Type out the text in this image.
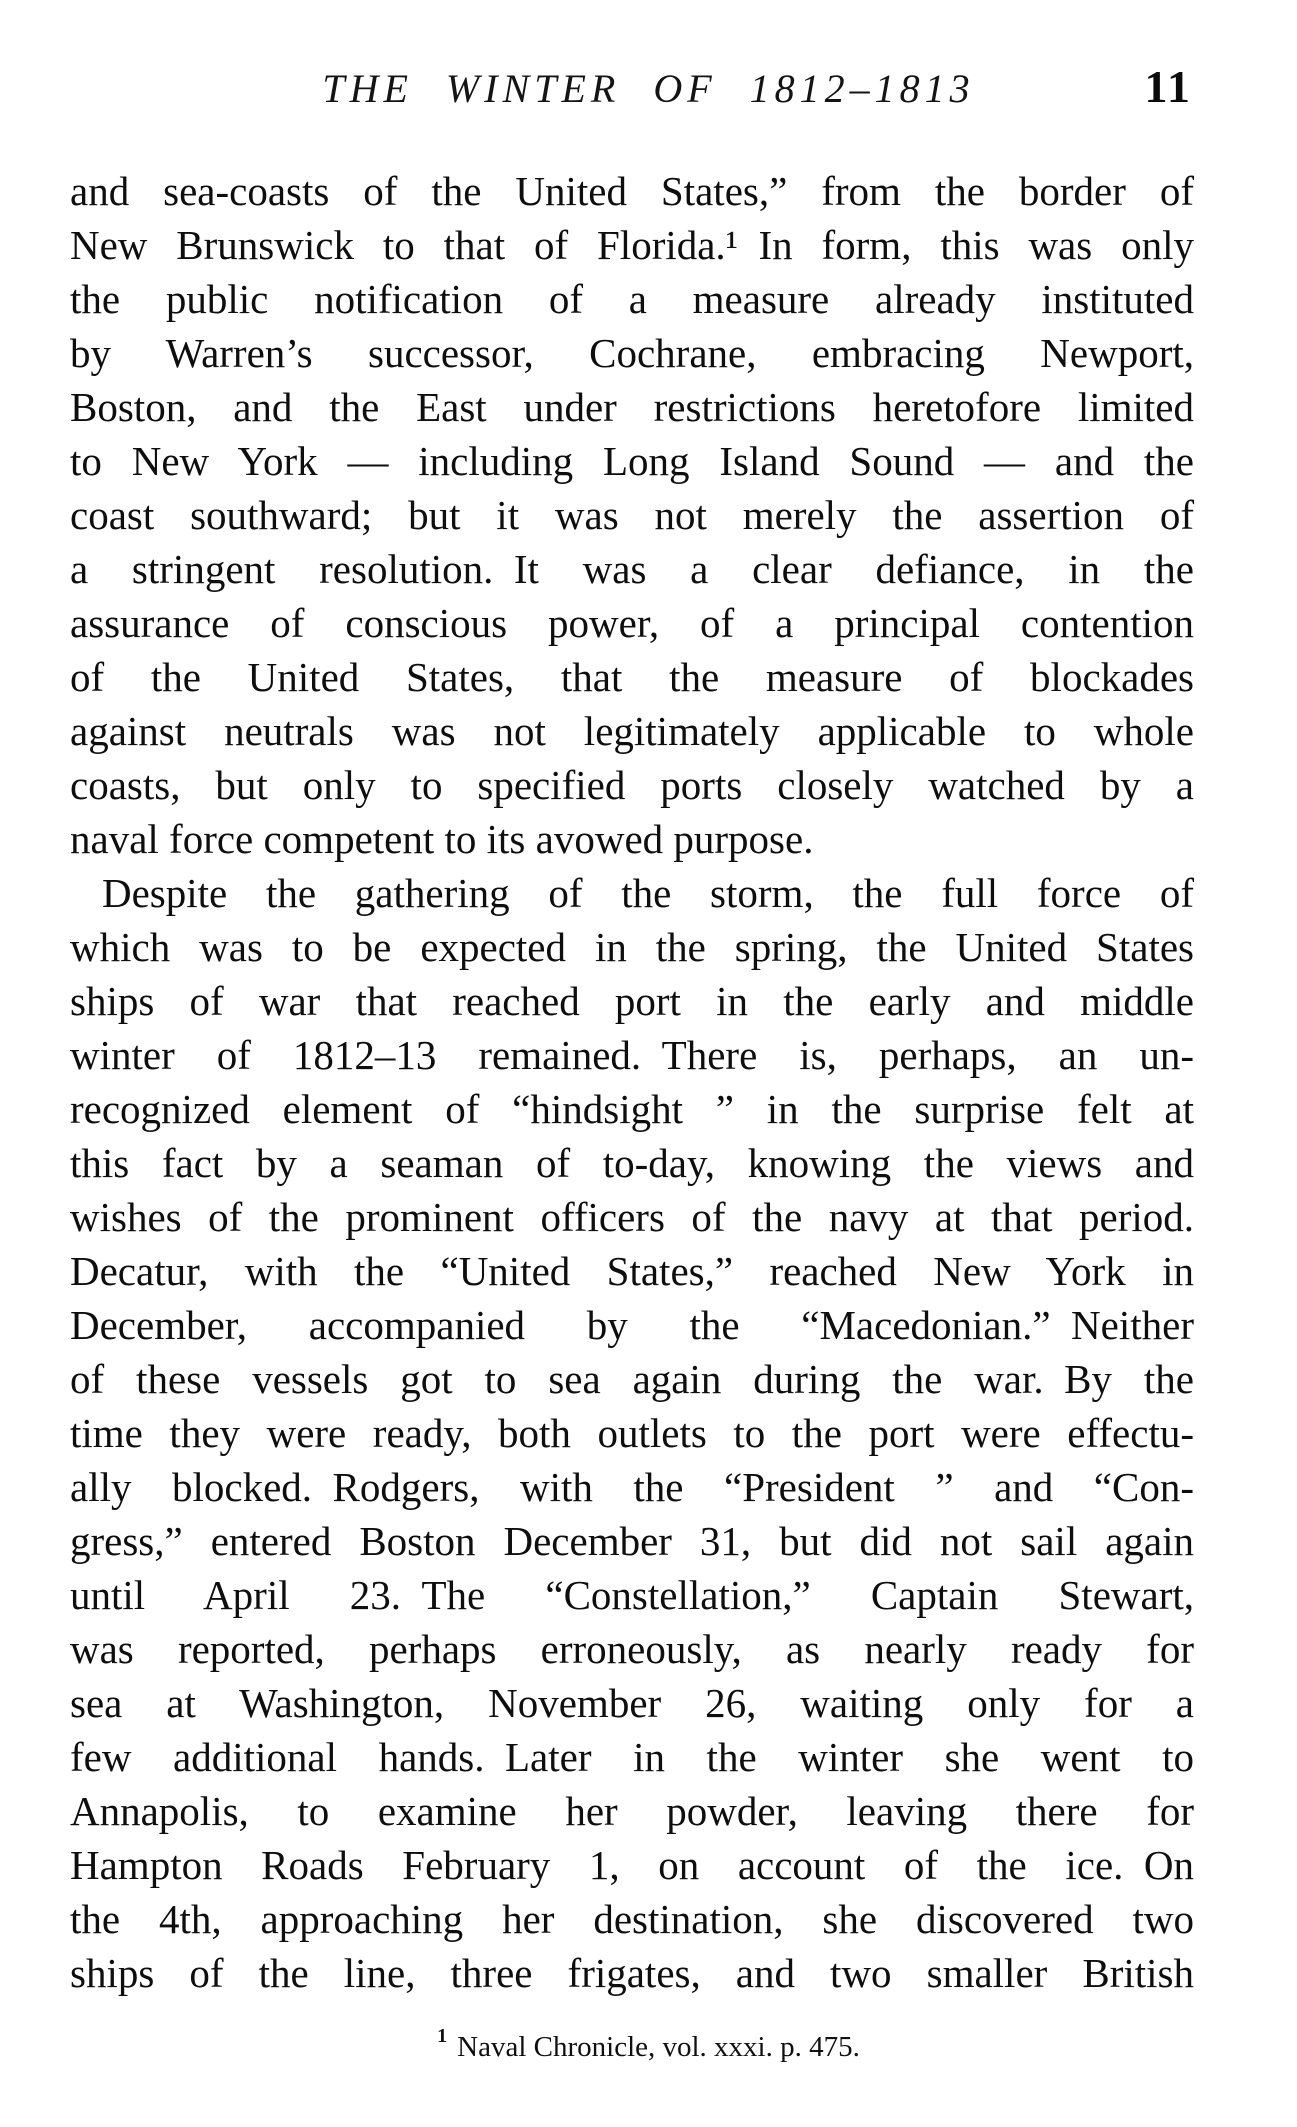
THE WINTER OF 1812–1813	11
and sea-coasts of the United States,” from the border of
New Brunswick to that of Florida.¹ In form, this was only
the public notification of a measure already instituted
by Warren’s successor, Cochrane, embracing Newport,
Boston, and the East under restrictions heretofore limited
to New York — including Long Island Sound — and the
coast southward; but it was not merely the assertion of
a stringent resolution. It was a clear defiance, in the
assurance of conscious power, of a principal contention
of the United States, that the measure of blockades
against neutrals was not legitimately applicable to whole
coasts, but only to specified ports closely watched by a
naval force competent to its avowed purpose.
Despite the gathering of the storm, the full force of
which was to be expected in the spring, the United States
ships of war that reached port in the early and middle
winter of 1812–13 remained. There is, perhaps, an un-
recognized element of “hindsight ” in the surprise felt at
this fact by a seaman of to-day, knowing the views and
wishes of the prominent officers of the navy at that period.
Decatur, with the “United States,” reached New York in
December, accompanied by the “Macedonian.” Neither
of these vessels got to sea again during the war. By the
time they were ready, both outlets to the port were effectu-
ally blocked. Rodgers, with the “President ” and “Con-
gress,” entered Boston December 31, but did not sail again
until April 23. The “Constellation,” Captain Stewart,
was reported, perhaps erroneously, as nearly ready for
sea at Washington, November 26, waiting only for a
few additional hands. Later in the winter she went to
Annapolis, to examine her powder, leaving there for
Hampton Roads February 1, on account of the ice. On
the 4th, approaching her destination, she discovered two
ships of the line, three frigates, and two smaller British
$^1$ Naval Chronicle, vol. xxxi. p. 475.
